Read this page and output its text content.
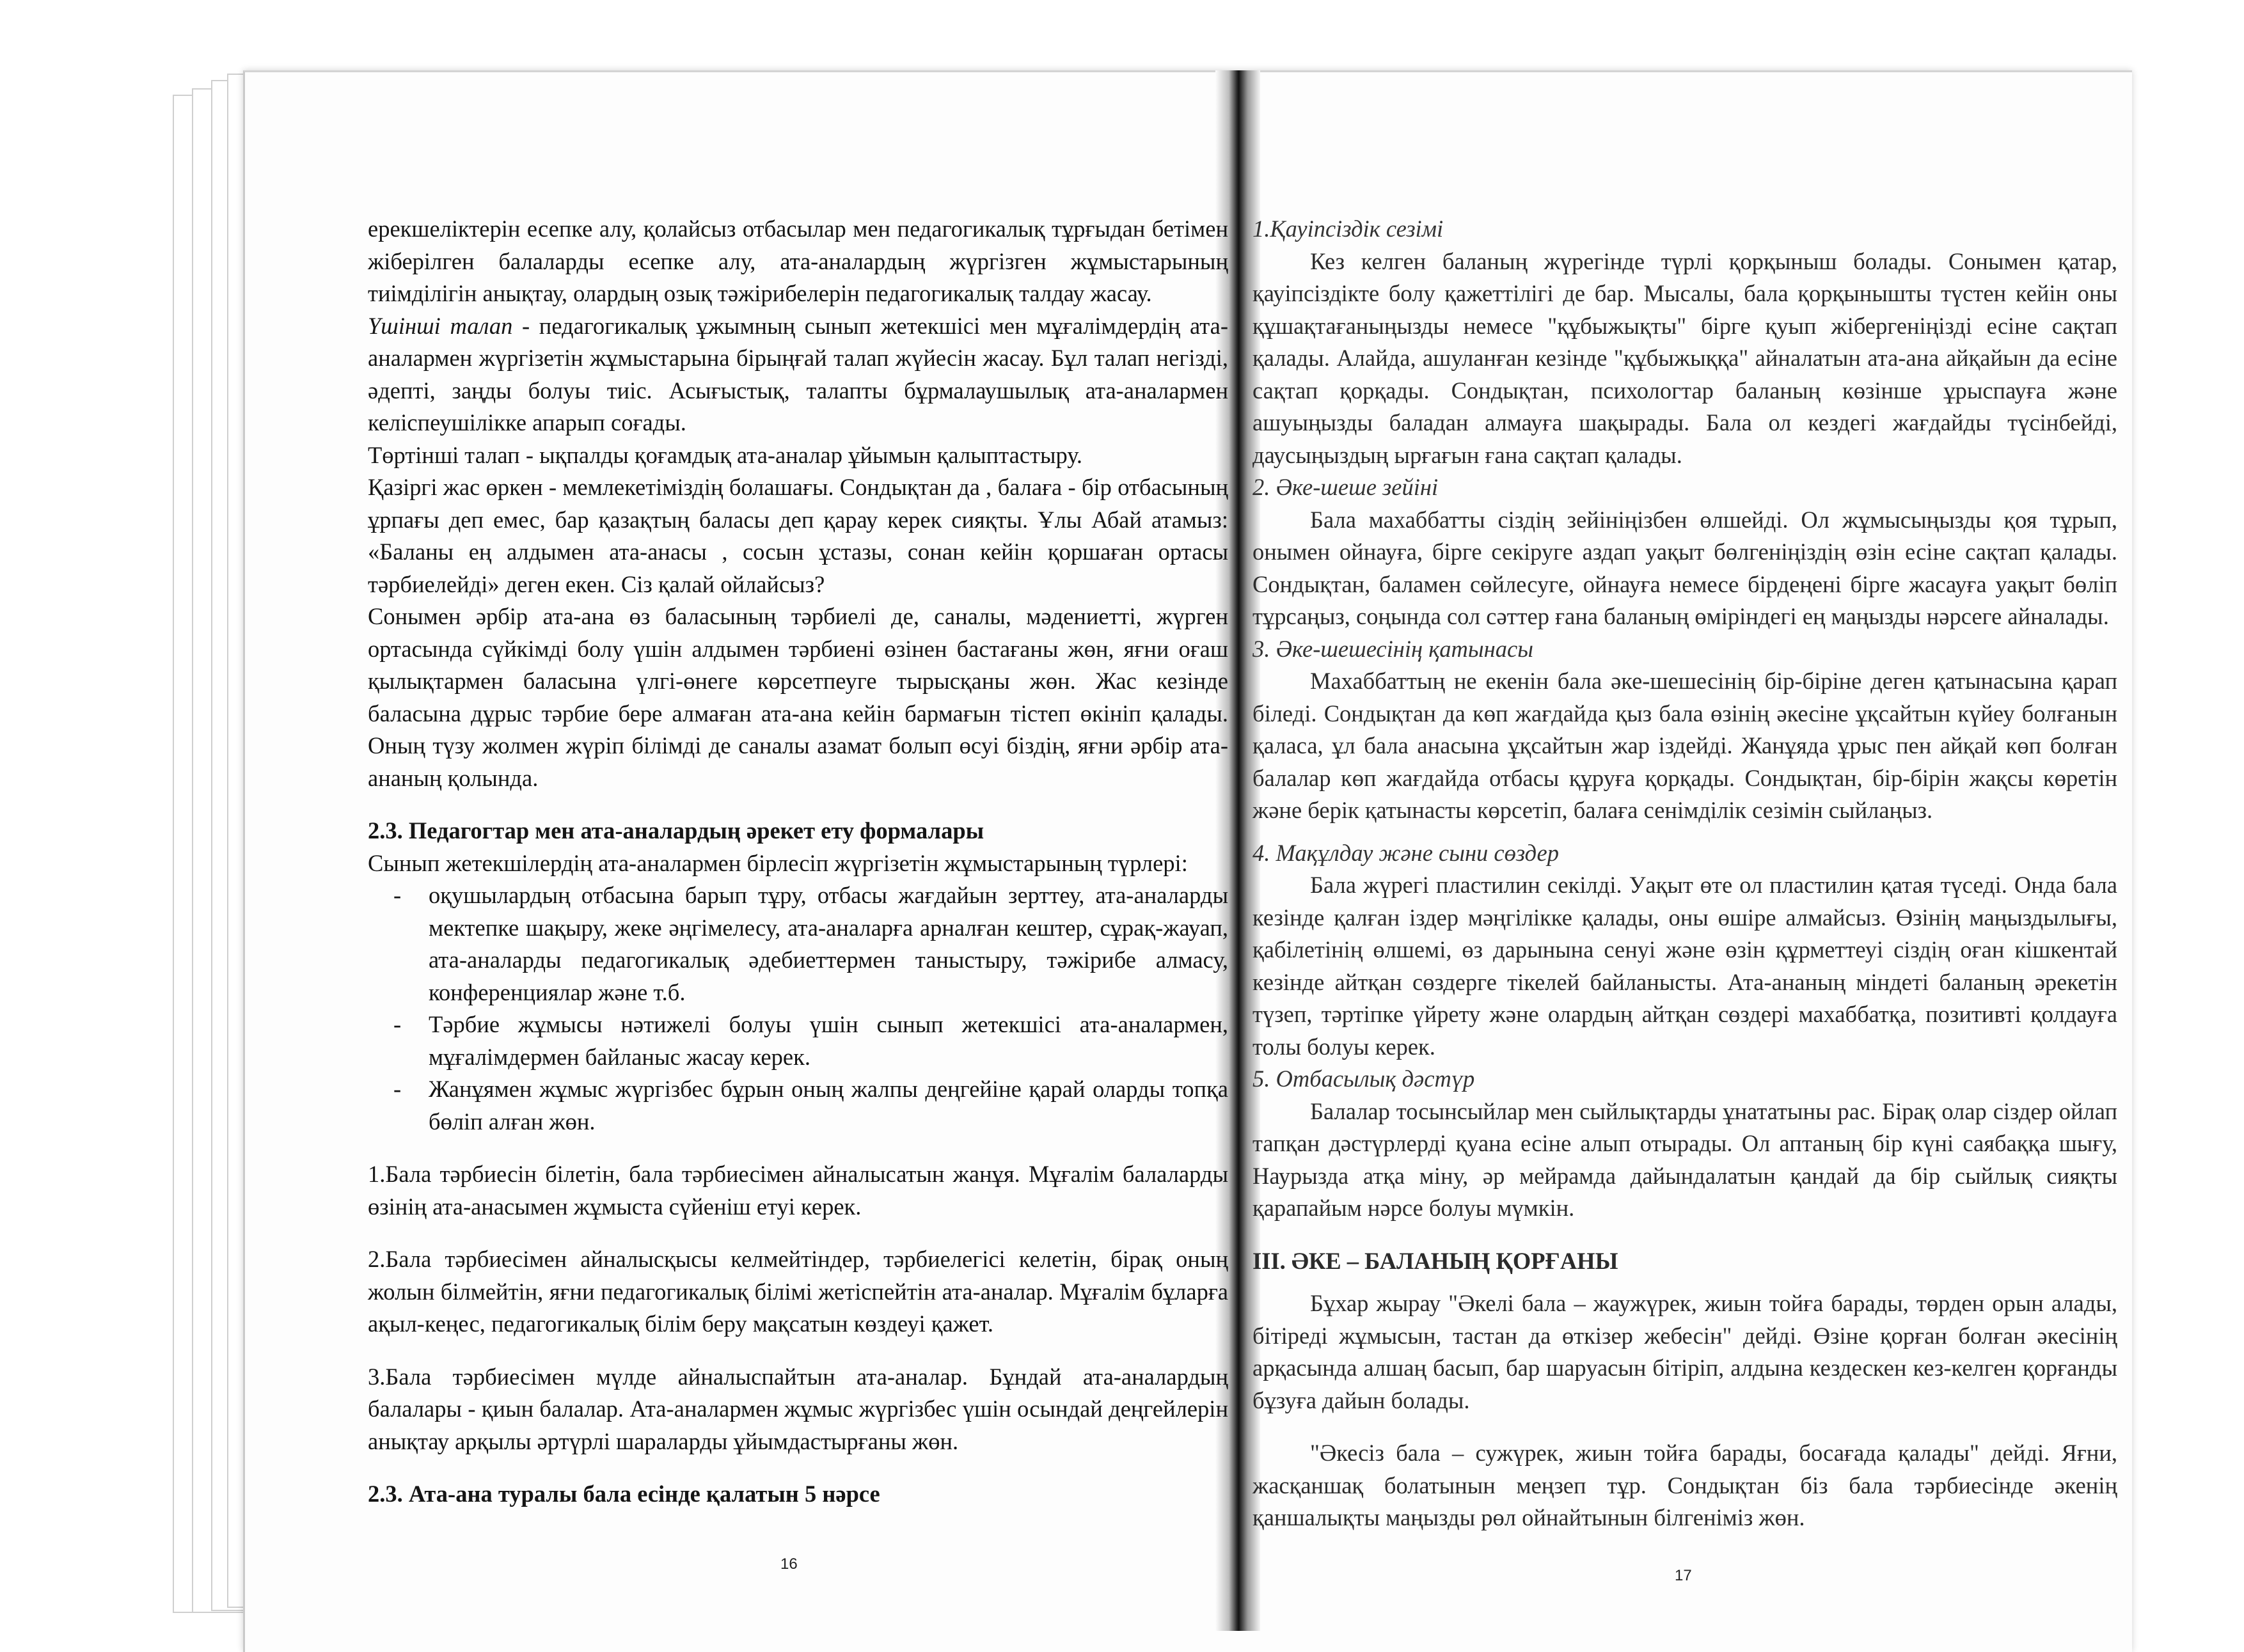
ерекшеліктерін есепке алу, қолайсыз отбасылар мен педагогикалық тұрғыдан бетімен жіберілген балаларды есепке алу, ата-аналардың жүргізген жұмыстарының тиімділігін анықтау, олардың озық тәжірибелерін педагогикалық талдау жасау.

Үшінші талап - педагогикалық ұжымның сынып жетекшісі мен мұғалімдердің ата-аналармен жүргізетін жұмыстарына бірыңғай талап жүйесін жасау. Бұл талап негізді, әдепті, заңды болуы тиіс. Асығыстық, талапты бұрмалаушылық ата-аналармен келіспеушілікке апарып соғады.

Төртінші талап - ықпалды қоғамдық ата-аналар ұйымын қалыптастыру.

Қазіргі жас өркен - мемлекетіміздің болашағы. Сондықтан да , балаға - бір отбасының ұрпағы деп емес, бар қазақтың баласы деп қарау керек сияқты. Ұлы Абай атамыз: «Баланы ең алдымен ата-анасы , сосын ұстазы, сонан кейін қоршаған ортасы тәрбиелейді» деген екен. Сіз қалай ойлайсыз?

Сонымен әрбір ата-ана өз баласының тәрбиелі де, саналы, мәдениетті, жүрген ортасында сүйкімді болу үшін алдымен тәрбиені өзінен бастағаны жөн, яғни оғаш қылықтармен баласына үлгі-өнеге көрсетпеуге тырысқаны жөн. Жас кезінде баласына дұрыс тәрбие бере алмаған ата-ана кейін бармағын тістеп өкініп қалады. Оның түзу жолмен жүріп білімді де саналы азамат болып өсуі біздің, яғни әрбір ата-ананың қолында.

2.3. Педагогтар мен ата-аналардың әрекет ету формалары

Сынып жетекшілердің ата-аналармен бірлесіп жүргізетін жұмыстарының түрлері:

- оқушылардың отбасына барып тұру, отбасы жағдайын зерттеу, ата-аналарды мектепке шақыру, жеке әңгімелесу, ата-аналарға арналған кештер, сұрақ-жауап, ата-аналарды педагогикалық әдебиеттермен таныстыру, тәжірибе алмасу, конференциялар және т.б.
- Тәрбие жұмысы нәтижелі болуы үшін сынып жетекшісі ата-аналармен, мұғалімдермен байланыс жасау керек.
- Жанұямен жұмыс жүргізбес бұрын оның жалпы деңгейіне қарай оларды топқа бөліп алған жөн.

1.Бала тәрбиесін білетін, бала тәрбиесімен айналысатын жанұя. Мұғалім балаларды өзінің ата-анасымен жұмыста сүйеніш етуі керек.

2.Бала тәрбиесімен айналысқысы келмейтіндер, тәрбиелегісі келетін, бірақ оның жолын білмейтін, яғни педагогикалық білімі жетіспейтін ата-аналар. Мұғалім бұларға ақыл-кеңес, педагогикалық білім беру мақсатын көздеуі қажет.

3.Бала тәрбиесімен мүлде айналыспайтын ата-аналар. Бұндай ата-аналардың балалары - қиын балалар. Ата-аналармен жұмыс жүргізбес үшін осындай деңгейлерін анықтау арқылы әртүрлі шараларды ұйымдастырғаны жөн.

2.3. Ата-ана туралы бала есінде қалатын 5 нәрсе

16

1.Қауіпсіздік сезімі

Кез келген баланың жүрегінде түрлі қорқыныш болады. Сонымен қатар, қауіпсіздікте болу қажеттілігі де бар. Мысалы, бала қорқынышты түстен кейін оны құшақтағаныңызды немесе "құбыжықты" бірге қуып жібергеніңізді есіне сақтап қалады. Алайда, ашуланған кезінде "құбыжыққа" айналатын ата-ана айқайын да есіне сақтап қорқады. Сондықтан, психологтар баланың көзінше ұрыспауға және ашуыңызды баладан алмауға шақырады. Бала ол кездегі жағдайды түсінбейді, даусыңыздың ырғағын ғана сақтап қалады.

2. Әке-шеше зейіні

Бала махаббатты сіздің зейініңізбен өлшейді. Ол жұмысыңызды қоя тұрып, онымен ойнауға, бірге секіруге аздап уақыт бөлгеніңіздің өзін есіне сақтап қалады. Сондықтан, баламен сөйлесуге, ойнауға немесе бірдеңені бірге жасауға уақыт бөліп тұрсаңыз, соңында сол сәттер ғана баланың өміріндегі ең маңызды нәрсеге айналады.

3. Әке-шешесінің қатынасы

Махаббаттың не екенін бала әке-шешесінің бір-біріне деген қатынасына қарап біледі. Сондықтан да көп жағдайда қыз бала өзінің әкесіне ұқсайтын күйеу болғанын қаласа, ұл бала анасына ұқсайтын жар іздейді. Жанұяда ұрыс пен айқай көп болған балалар көп жағдайда отбасы құруға қорқады. Сондықтан, бір-бірін жақсы көретін және берік қатынасты көрсетіп, балаға сенімділік сезімін сыйлаңыз.

4. Мақұлдау және сыни сөздер

Бала жүрегі пластилин секілді. Уақыт өте ол пластилин қатая түседі. Онда бала кезінде қалған іздер мәңгілікке қалады, оны өшіре алмайсыз. Өзінің маңыздылығы, қабілетінің өлшемі, өз дарынына сенуі және өзін құрметтеуі сіздің оған кішкентай кезінде айтқан сөздерге тікелей байланысты. Ата-ананың міндеті баланың әрекетін түзеп, тәртіпке үйрету және олардың айтқан сөздері махаббатқа, позитивті қолдауға толы болуы керек.

5. Отбасылық дәстүр

Балалар тосынсыйлар мен сыйлықтарды ұнататыны рас. Бірақ олар сіздер ойлап тапқан дәстүрлерді қуана есіне алып отырады. Ол аптаның бір күні саябаққа шығу, Наурызда атқа міну, әр мейрамда дайындалатын қандай да бір сыйлық сияқты қарапайым нәрсе болуы мүмкін.

ІІІ. ӘКЕ – БАЛАНЫҢ ҚОРҒАНЫ

Бұхар жырау "Әкелі бала – жаужүрек, жиын тойға барады, төрден орын алады, бітіреді жұмысын, тастан да өткізер жебесін" дейді. Өзіне қорған болған әкесінің арқасында алшаң басып, бар шаруасын бітіріп, алдына кездескен кез-келген қорғанды бұзуға дайын болады.

"Әкесіз бала – сужүрек, жиын тойға барады, босағада қалады" дейді. Яғни, жасқаншақ болатынын меңзеп тұр. Сондықтан біз бала тәрбиесінде әкенің қаншалықты маңызды рөл ойнайтынын білгеніміз жөн.

17
